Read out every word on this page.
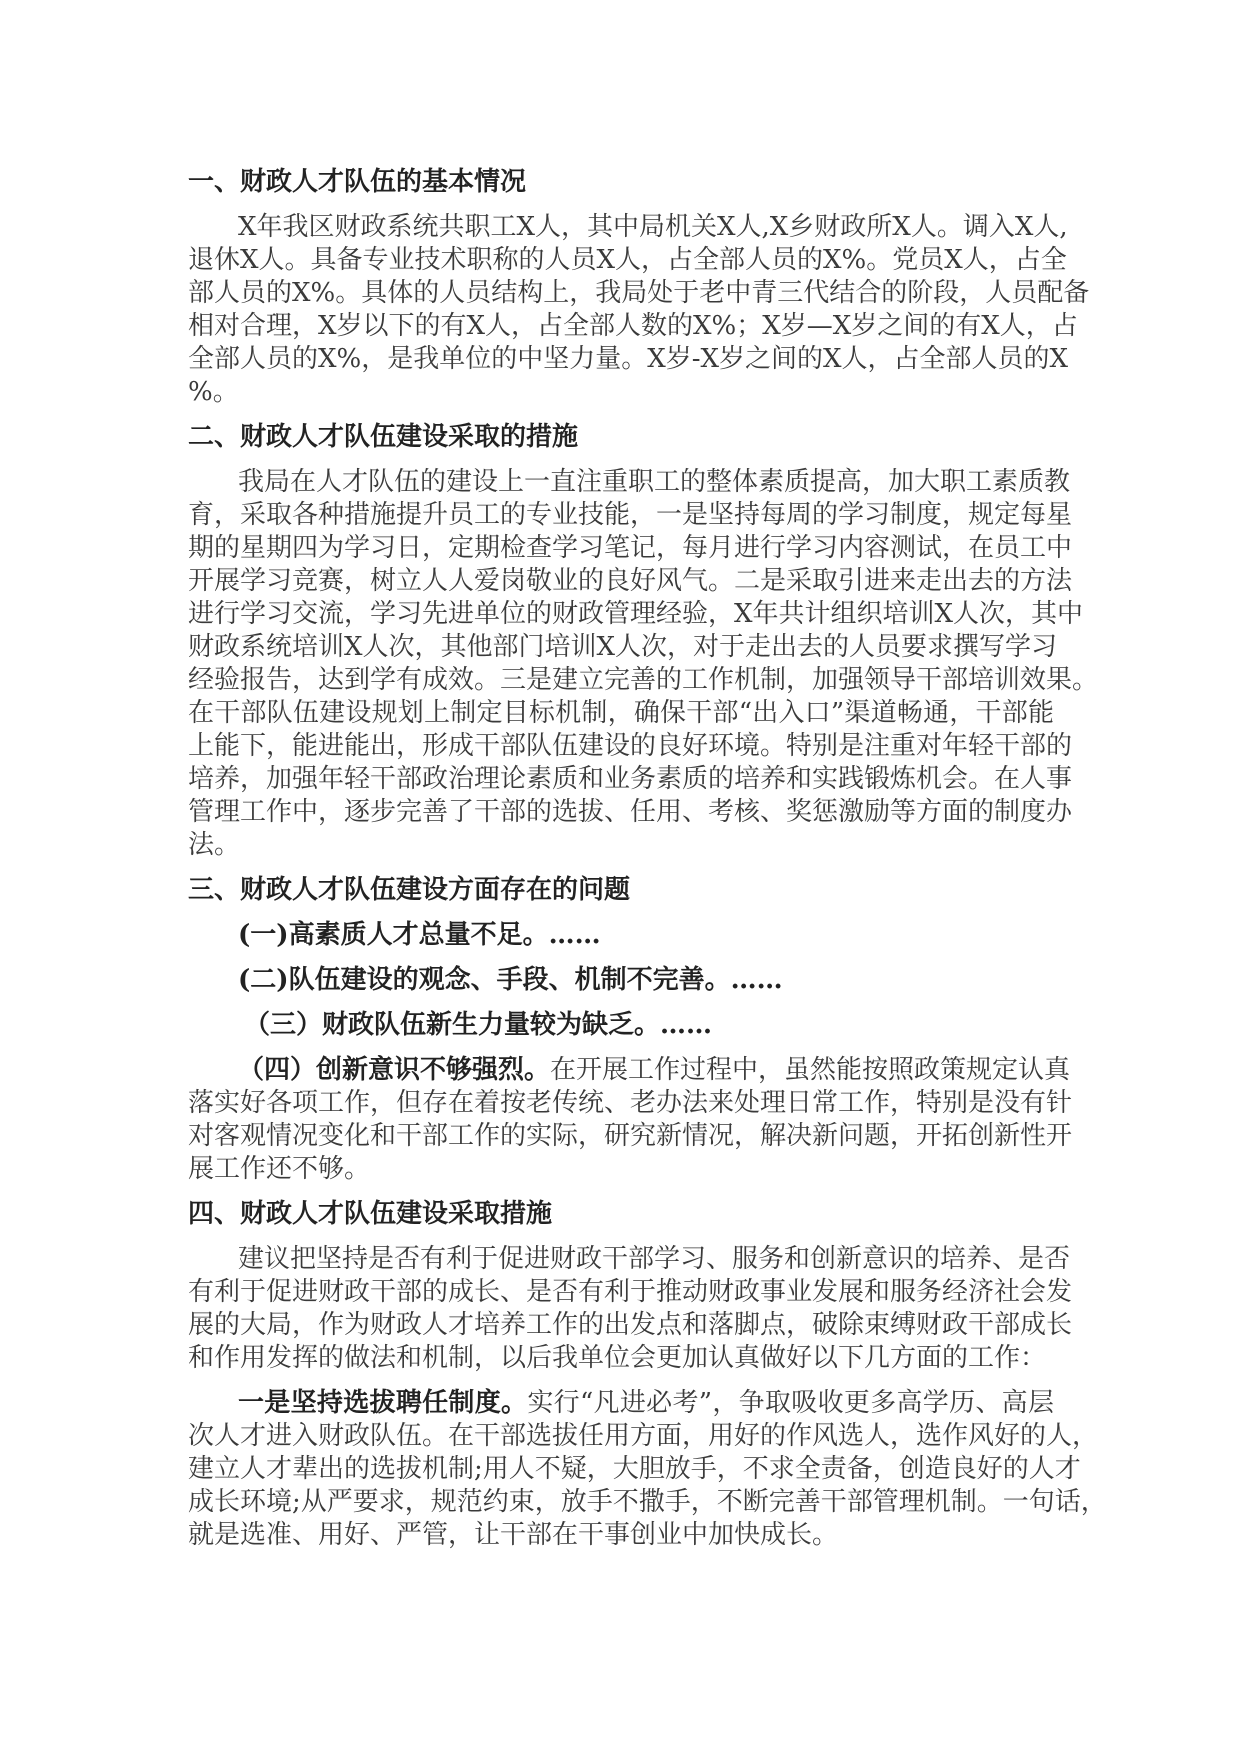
一、财政人才队伍的基本情况
X年我区财政系统共职工X人，其中局机关X人,X乡财政所X人。调入X人,
退休X人。具备专业技术职称的人员X人，占全部人员的X%。党员X人，占全
部人员的X%。具体的人员结构上，我局处于老中青三代结合的阶段，人员配备
相对合理，X岁以下的有X人，占全部人数的X%；X岁—X岁之间的有X人，占
全部人员的X%，是我单位的中坚力量。X岁-X岁之间的X人，占全部人员的X
%。
二、财政人才队伍建设采取的措施
我局在人才队伍的建设上一直注重职工的整体素质提高，加大职工素质教
育，采取各种措施提升员工的专业技能，一是坚持每周的学习制度，规定每星
期的星期四为学习日，定期检查学习笔记，每月进行学习内容测试，在员工中
开展学习竞赛，树立人人爱岗敬业的良好风气。二是采取引进来走出去的方法
进行学习交流，学习先进单位的财政管理经验，X年共计组织培训X人次，其中
财政系统培训X人次，其他部门培训X人次，对于走出去的人员要求撰写学习
经验报告，达到学有成效。三是建立完善的工作机制，加强领导干部培训效果。
在干部队伍建设规划上制定目标机制，确保干部“出入口”渠道畅通，干部能
上能下，能进能出，形成干部队伍建设的良好环境。特别是注重对年轻干部的
培养，加强年轻干部政治理论素质和业务素质的培养和实践锻炼机会。在人事
管理工作中，逐步完善了干部的选拔、任用、考核、奖惩激励等方面的制度办
法。
三、财政人才队伍建设方面存在的问题
(一)高素质人才总量不足。……
(二)队伍建设的观念、手段、机制不完善。……
（三）财政队伍新生力量较为缺乏。……
（四）创新意识不够强烈。在开展工作过程中，虽然能按照政策规定认真
落实好各项工作，但存在着按老传统、老办法来处理日常工作，特别是没有针
对客观情况变化和干部工作的实际，研究新情况，解决新问题，开拓创新性开
展工作还不够。
四、财政人才队伍建设采取措施
建议把坚持是否有利于促进财政干部学习、服务和创新意识的培养、是否
有利于促进财政干部的成长、是否有利于推动财政事业发展和服务经济社会发
展的大局，作为财政人才培养工作的出发点和落脚点，破除束缚财政干部成长
和作用发挥的做法和机制，以后我单位会更加认真做好以下几方面的工作：
一是坚持选拔聘任制度。实行“凡进必考”，争取吸收更多高学历、高层
次人才进入财政队伍。在干部选拔任用方面，用好的作风选人，选作风好的人，
建立人才辈出的选拔机制;用人不疑，大胆放手，不求全责备，创造良好的人才
成长环境;从严要求，规范约束，放手不撒手，不断完善干部管理机制。一句话，
就是选准、用好、严管，让干部在干事创业中加快成长。
